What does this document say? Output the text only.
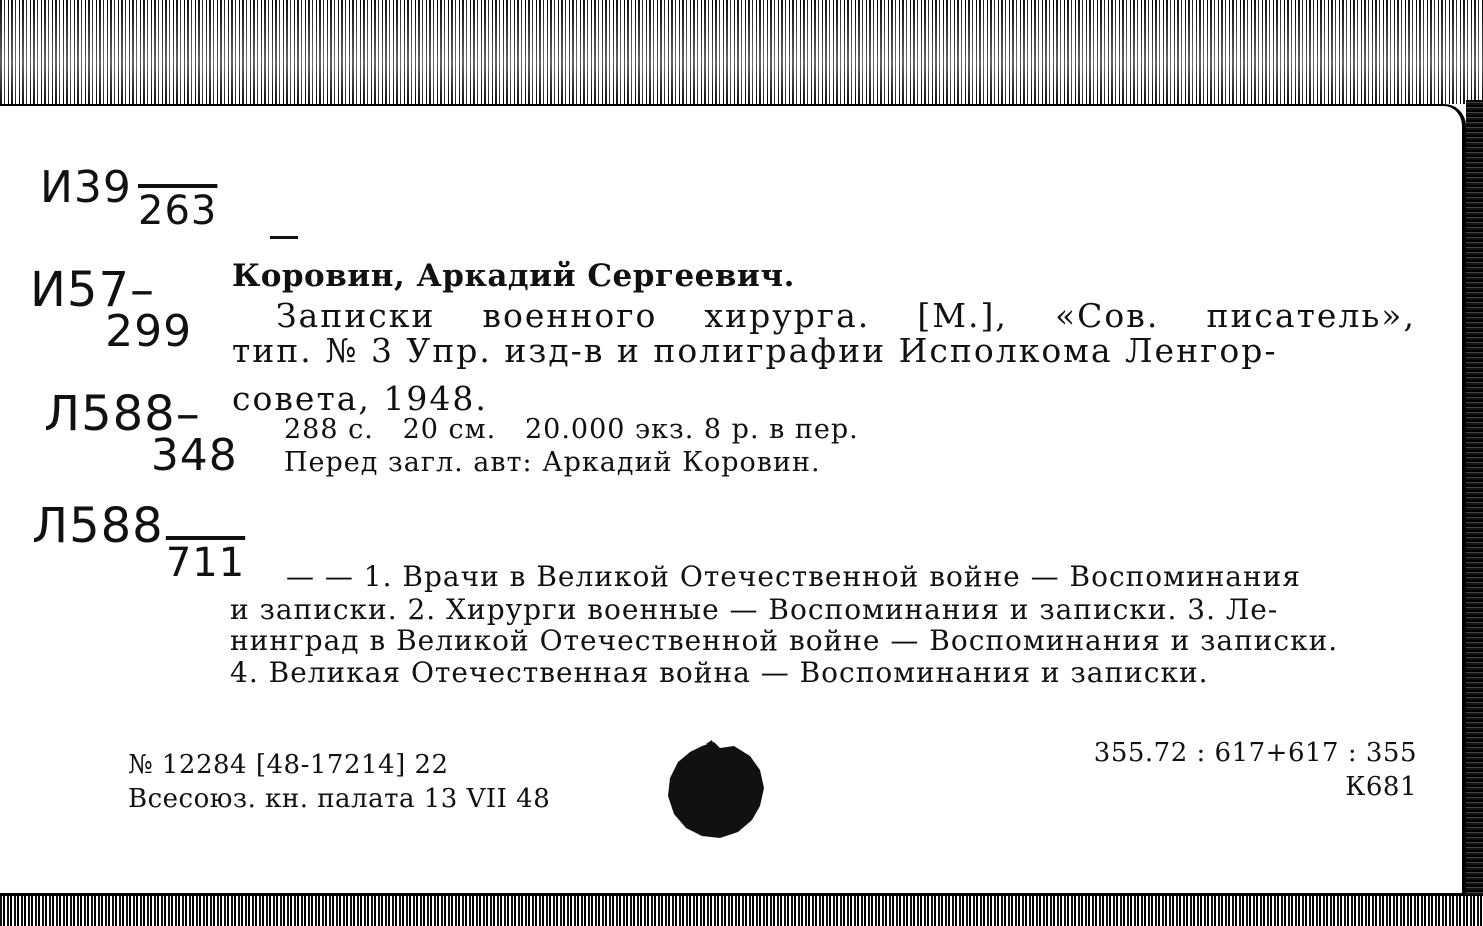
И39 263
И57– 299
Л588– 348
Л588 711
Коровин, Аркадий Сергеевич.
Записки военного хирурга. [М.], «Сов. писатель»,
тип. № 3 Упр. изд-в и полиграфии Исполкома Ленгор-
совета, 1948.
288 с.   20 см.   20.000 экз. 8 р. в пер.
Перед загл. авт: Аркадий Коровин.
— — 1. Врачи в Великой Отечественной войне — Воспоминания
и записки. 2. Хирурги военные — Воспоминания и записки. 3. Ле-
нинград в Великой Отечественной войне — Воспоминания и записки.
4. Великая Отечественная война — Воспоминания и записки.
№ 12284 [48-17214] 22
Всесоюз. кн. палата 13 VII 48
355.72 : 617+617 : 355
К681
